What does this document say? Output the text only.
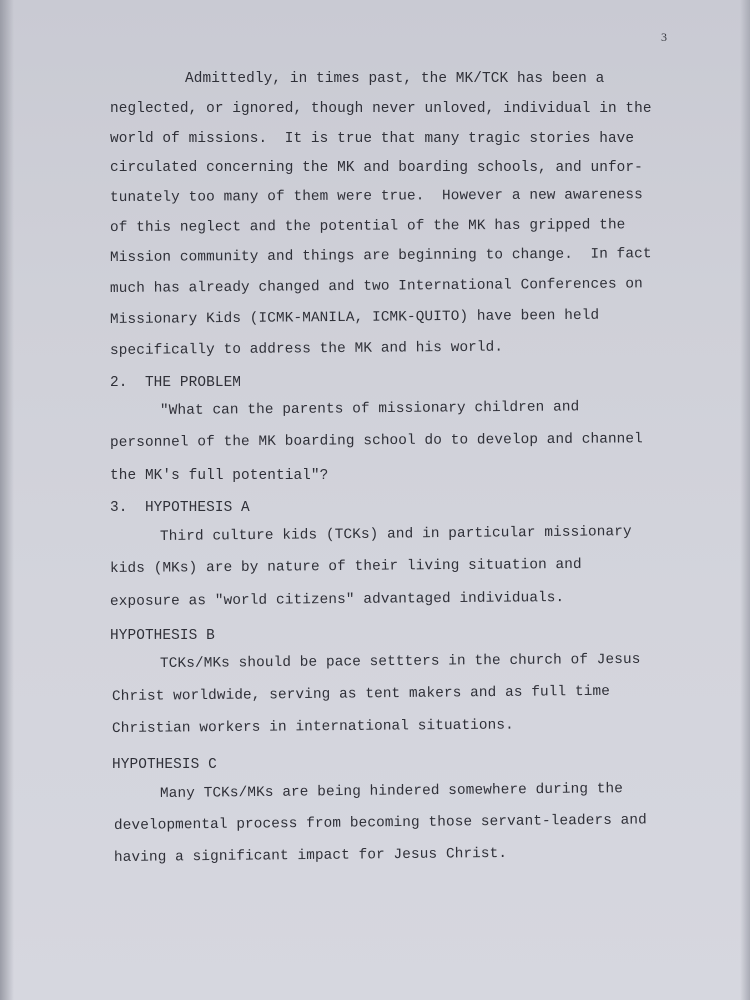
3
Admittedly, in times past, the MK/TCK has been a
neglected, or ignored, though never unloved, individual in the
world of missions.  It is true that many tragic stories have
circulated concerning the MK and boarding schools, and unfor-
tunately too many of them were true.  However a new awareness
of this neglect and the potential of the MK has gripped the
Mission community and things are beginning to change.  In fact
much has already changed and two International Conferences on
Missionary Kids (ICMK-MANILA, ICMK-QUITO) have been held
specifically to address the MK and his world.
2.  THE PROBLEM
"What can the parents of missionary children and
personnel of the MK boarding school do to develop and channel
the MK's full potential"?
3.  HYPOTHESIS A
Third culture kids (TCKs) and in particular missionary
kids (MKs) are by nature of their living situation and
exposure as "world citizens" advantaged individuals.
HYPOTHESIS B
TCKs/MKs should be pace settters in the church of Jesus
Christ worldwide, serving as tent makers and as full time
Christian workers in international situations.
HYPOTHESIS C
Many TCKs/MKs are being hindered somewhere during the
developmental process from becoming those servant-leaders and
having a significant impact for Jesus Christ.
